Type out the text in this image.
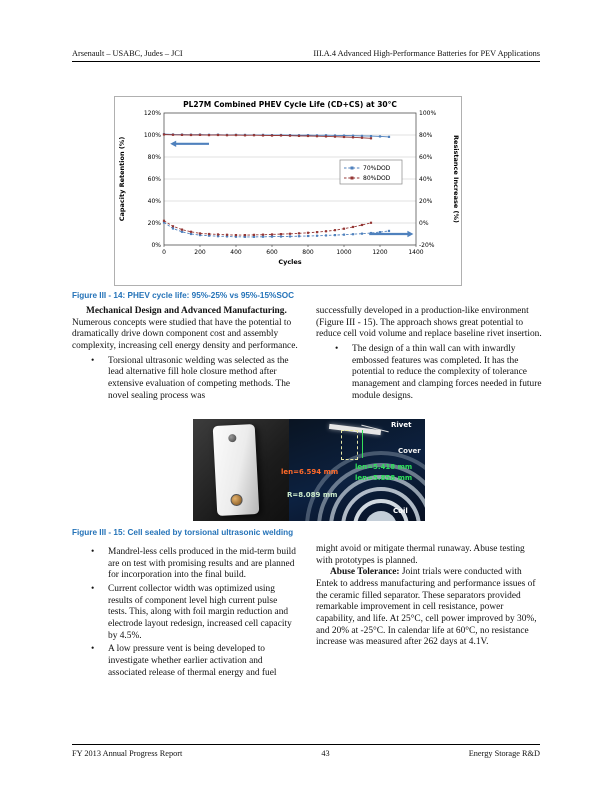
Arsenault – USABC, Judes – JCI	III.A.4 Advanced High-Performance Batteries for PEV Applications
PL27M Combined PHEV Cycle Life (CD+CS) at 30°C
0%
20%
40%
60%
80%
100%
120%
-20%
0%
20%
40%
60%
80%
100%
0	200	400	600	800	1000	1200	1400
Capacity Retention (%)	Resistance Increase (%)
Cycles
70%DOD
80%DOD
Figure III - 14: PHEV cycle life: 95%-25% vs 95%-15%SOC

Mechanical Design and Advanced Manufacturing. Numerous concepts were studied that have the potential to dramatically drive down component cost and assembly complexity, increasing cell energy density and performance.

• Torsional ultrasonic welding was selected as the lead alternative fill hole closure method after extensive evaluation of competing methods. The novel sealing process was

successfully developed in a production-like environment (Figure III - 15). The approach shows great potential to reduce cell void volume and replace baseline rivet insertion.

• The design of a thin wall can with inwardly embossed features was completed. It has the potential to reduce the complexity of tolerance management and clamping forces needed in future module designs.
Rivet
Cover
len=5.418 mm
len=5.858 mm
len=6.594 mm
R=8.089 mm
Coil
Figure III - 15: Cell sealed by torsional ultrasonic welding
• Mandrel-less cells produced in the mid-term build are on test with promising results and are planned for incorporation into the final build.
• Current collector width was optimized using results of component level high current pulse tests. This, along with foil margin reduction and electrode layout redesign, increased cell capacity by 4.5%.
• A low pressure vent is being developed to investigate whether earlier activation and associated release of thermal energy and fuel

might avoid or mitigate thermal runaway. Abuse testing with prototypes is planned.

Abuse Tolerance: Joint trials were conducted with Entek to address manufacturing and performance issues of the ceramic filled separator. These separators provided remarkable improvement in cell resistance, power capability, and life. At 25°C, cell power improved by 30%, and 20% at -25°C. In calendar life at 60°C, no resistance increase was measured after 262 days at 4.1V.

FY 2013 Annual Progress Report	43	Energy Storage R&D
